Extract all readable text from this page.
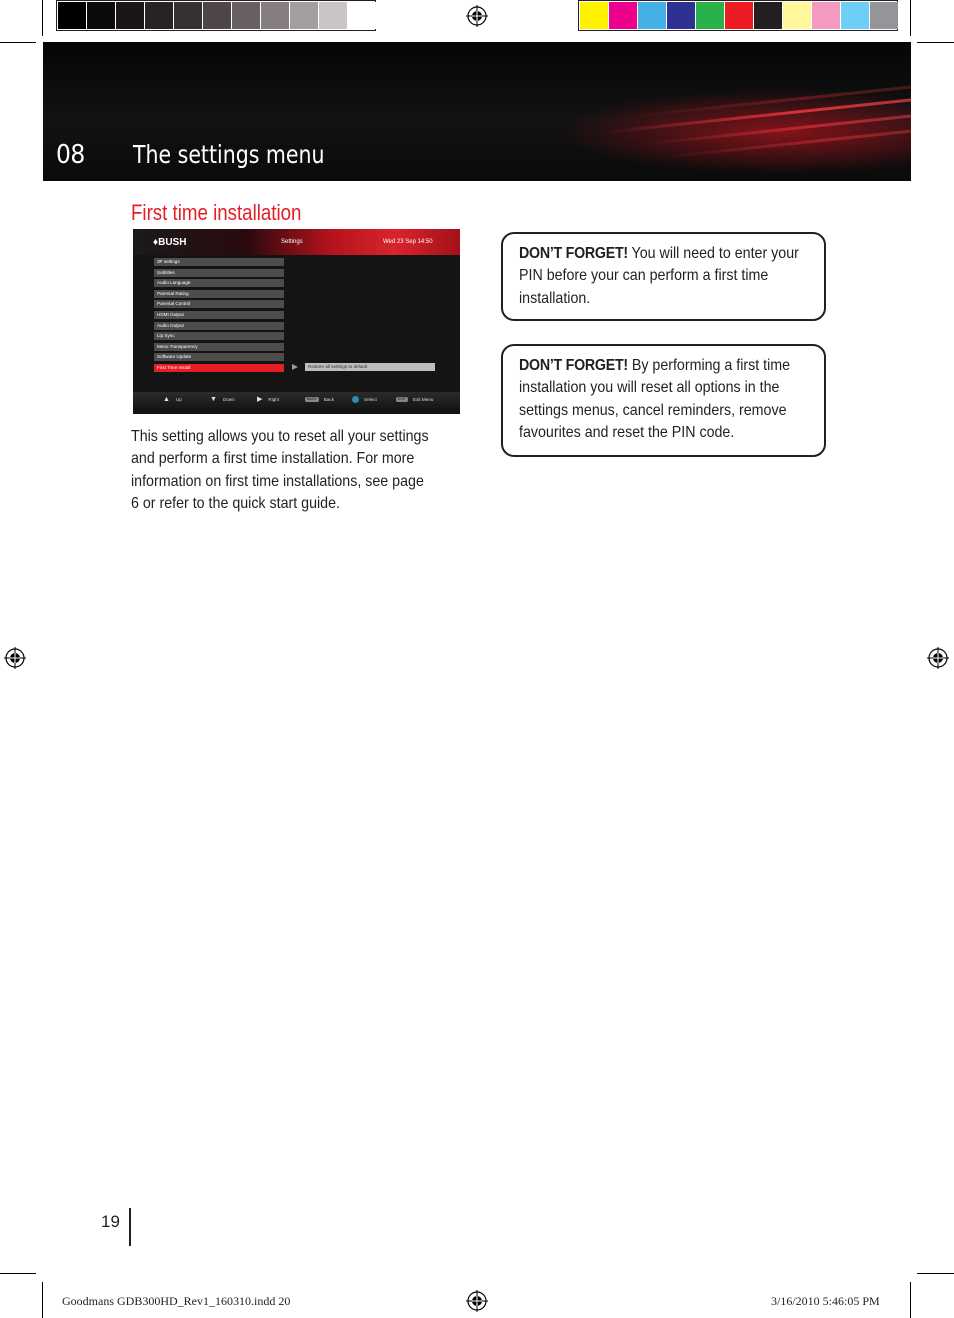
08 The settings menu
First time installation
♦BUSH	Settings	Wed 23 Sep 14:50
3P settings
Subtitles
Audio Language
Parental Rating
Parental Control
HDMI Output
Audio Output
Lip Sync
Menu Transparency
Software Update
First Time Install	Restore all settings to default
▲ Up	▼ Down	▶ Right	BACK Back	Select	EXIT Exit Menu
This setting allows you to reset all your settings
and perform a first time installation. For more
information on first time installations, see page
6 or refer to the quick start guide.
DON’T FORGET! You will need to enter your
PIN before your can perform a first time
installation.
DON’T FORGET! By performing a first time
installation you will reset all options in the
settings menus, cancel reminders, remove
favourites and reset the PIN code.
19
Goodmans GDB300HD_Rev1_160310.indd 20	3/16/2010 5:46:05 PM
